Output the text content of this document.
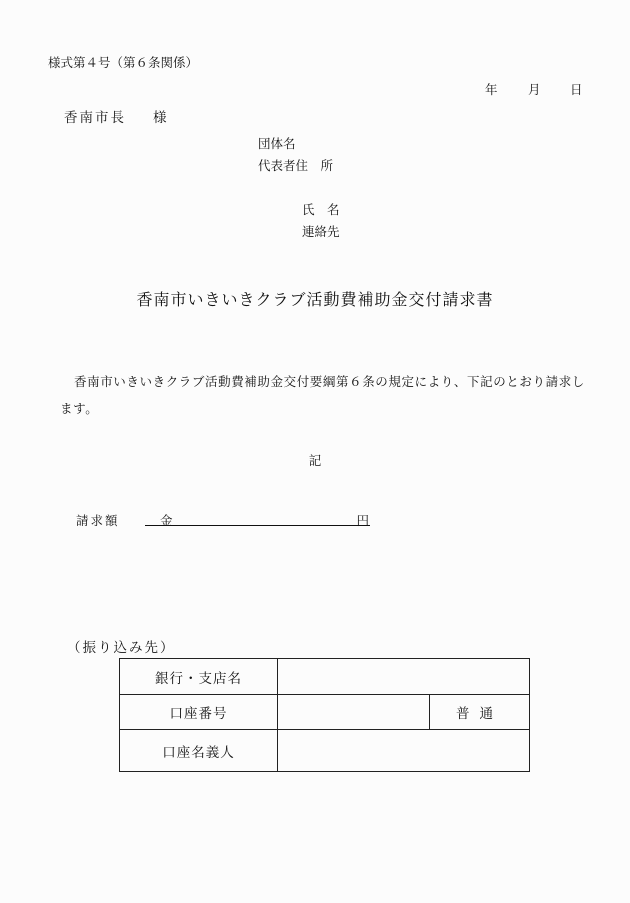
様式第４号（第６条関係）
年 月 日
香南市長 様
団体名
代表者住　所
氏　名
連絡先
香南市いきいきクラブ活動費補助金交付請求書
香南市いきいきクラブ活動費補助金交付要綱第６条の規定により、下記のとおり請求します。
記
請求額	金	円
（振り込み先）
銀行・支店名		
口座番号		普通
口座名義人		
